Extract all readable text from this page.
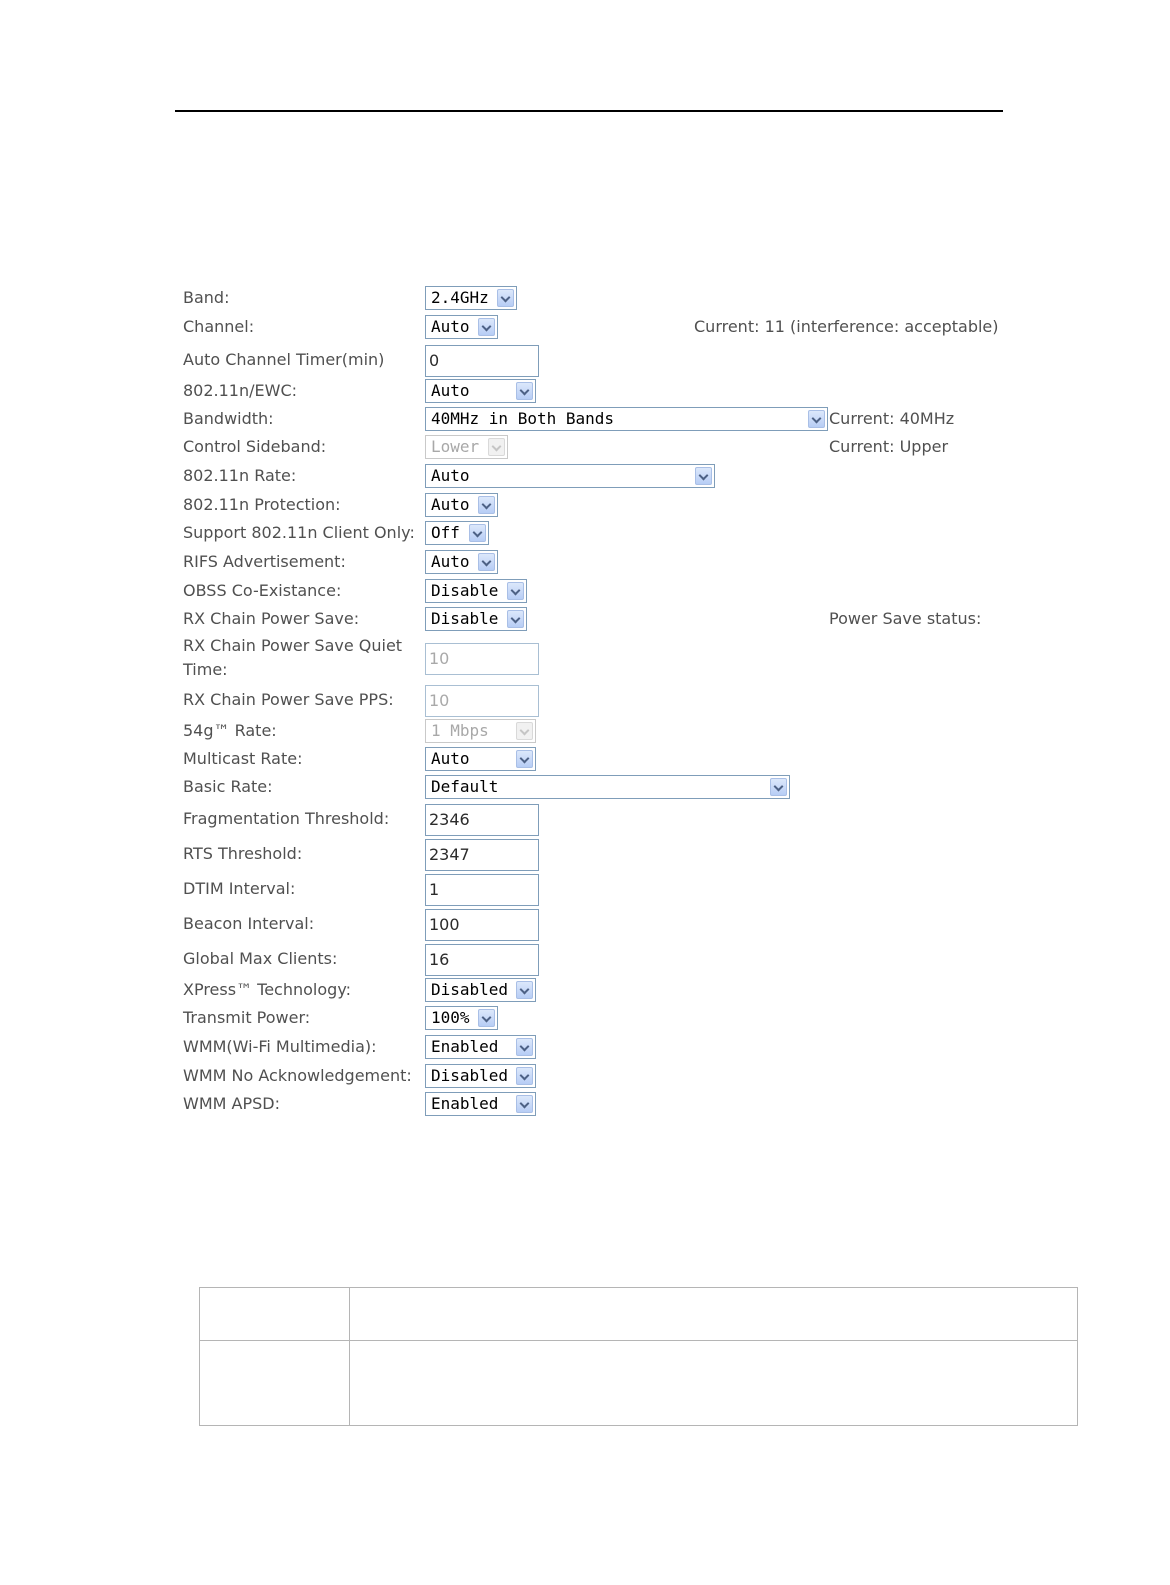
Band:	2.4GHz
Channel:	Auto	Current: 11 (interference: acceptable)
Auto Channel Timer(min)	0
802.11n/EWC:	Auto
Bandwidth:	40MHz in Both Bands	Current: 40MHz
Control Sideband:	Lower	Current: Upper
802.11n Rate:	Auto
802.11n Protection:	Auto
Support 802.11n Client Only:	Off
RIFS Advertisement:	Auto
OBSS Co-Existance:	Disable
RX Chain Power Save:	Disable	Power Save status:
RX Chain Power Save Quiet Time:
10
RX Chain Power Save PPS: 10
54g™ Rate:	1 Mbps
Multicast Rate:	Auto
Basic Rate:	Default
Fragmentation Threshold: 2346
RTS Threshold:	2347
DTIM Interval:	1
Beacon Interval:	100
Global Max Clients:	16
XPress™ Technology:	Disabled
Transmit Power:	100%
WMM(Wi-Fi Multimedia):	Enabled
WMM No Acknowledgement:	Disabled
WMM APSD:	Enabled
